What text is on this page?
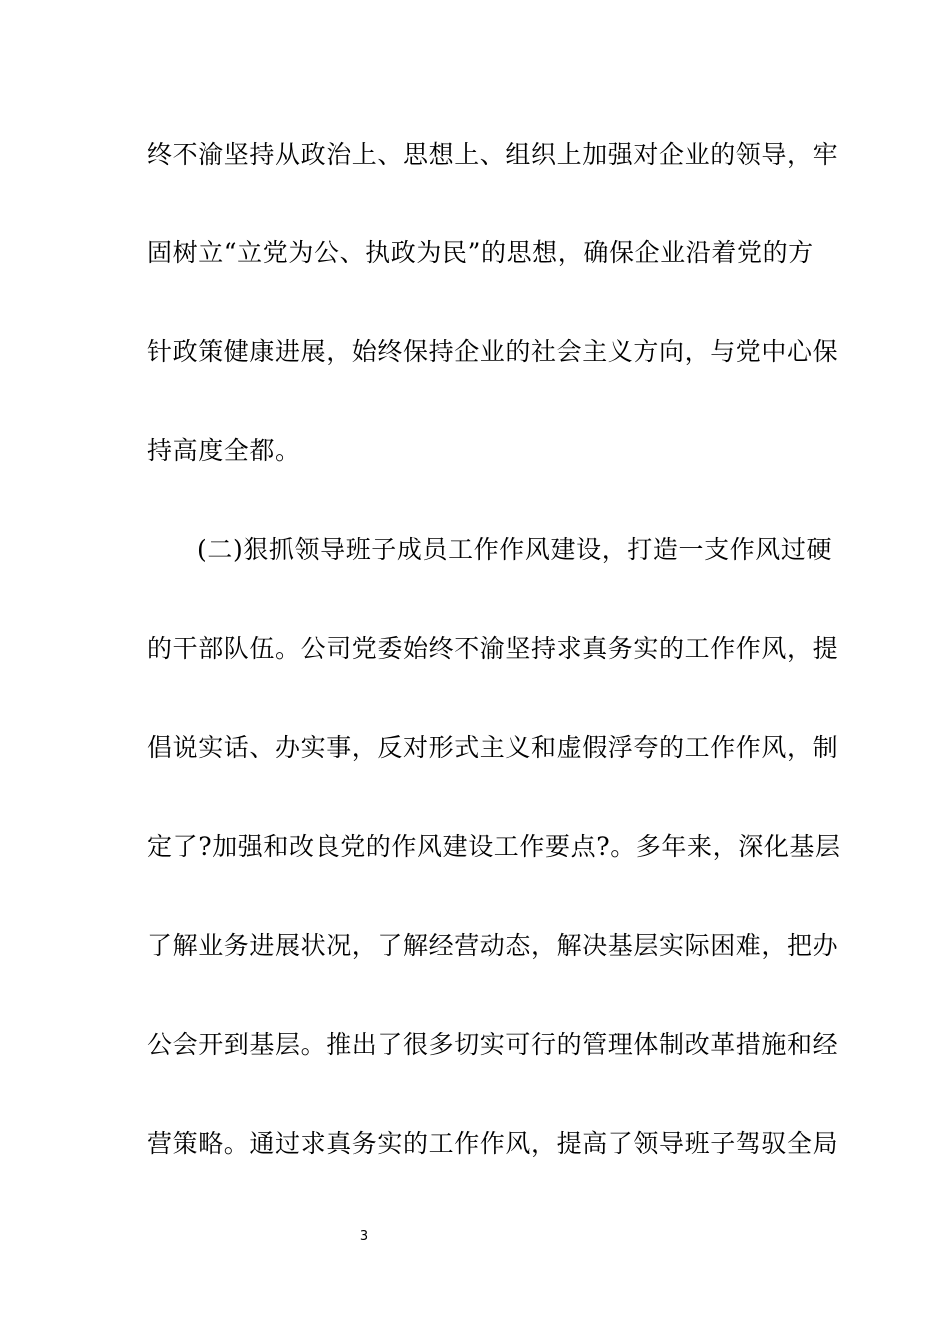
终不渝坚持从政治上、思想上、组织上加强对企业的领导，牢
固树立“立党为公、执政为民”的思想，确保企业沿着党的方
针政策健康进展，始终保持企业的社会主义方向，与党中心保
持高度全都。
(二)狠抓领导班子成员工作作风建设，打造一支作风过硬
的干部队伍。公司党委始终不渝坚持求真务实的工作作风，提
倡说实话、办实事，反对形式主义和虚假浮夸的工作作风，制
定了?加强和改良党的作风建设工作要点?。多年来，深化基层
了解业务进展状况，了解经营动态，解决基层实际困难，把办
公会开到基层。推出了很多切实可行的管理体制改革措施和经
营策略。通过求真务实的工作作风，提高了领导班子驾驭全局
3
